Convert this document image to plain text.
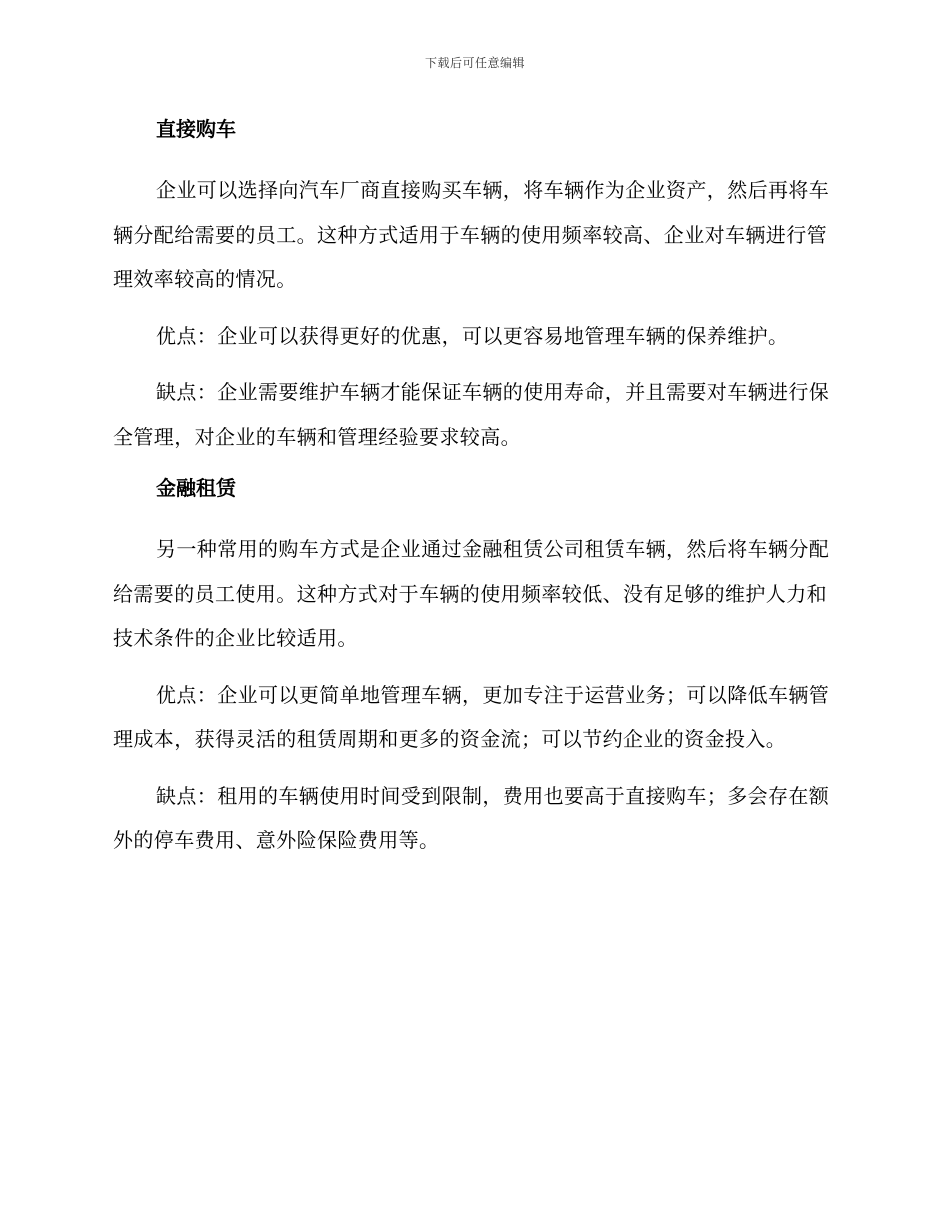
下载后可任意编辑
直接购车

企业可以选择向汽车厂商直接购买车辆，将车辆作为企业资产，然后再将车辆分配给需要的员工。这种方式适用于车辆的使用频率较高、企业对车辆进行管理效率较高的情况。

优点：企业可以获得更好的优惠，可以更容易地管理车辆的保养维护。

缺点：企业需要维护车辆才能保证车辆的使用寿命，并且需要对车辆进行保全管理，对企业的车辆和管理经验要求较高。

金融租赁

另一种常用的购车方式是企业通过金融租赁公司租赁车辆，然后将车辆分配给需要的员工使用。这种方式对于车辆的使用频率较低、没有足够的维护人力和技术条件的企业比较适用。

优点：企业可以更简单地管理车辆，更加专注于运营业务；可以降低车辆管理成本，获得灵活的租赁周期和更多的资金流；可以节约企业的资金投入。

缺点：租用的车辆使用时间受到限制，费用也要高于直接购车；多会存在额外的停车费用、意外险保险费用等。
